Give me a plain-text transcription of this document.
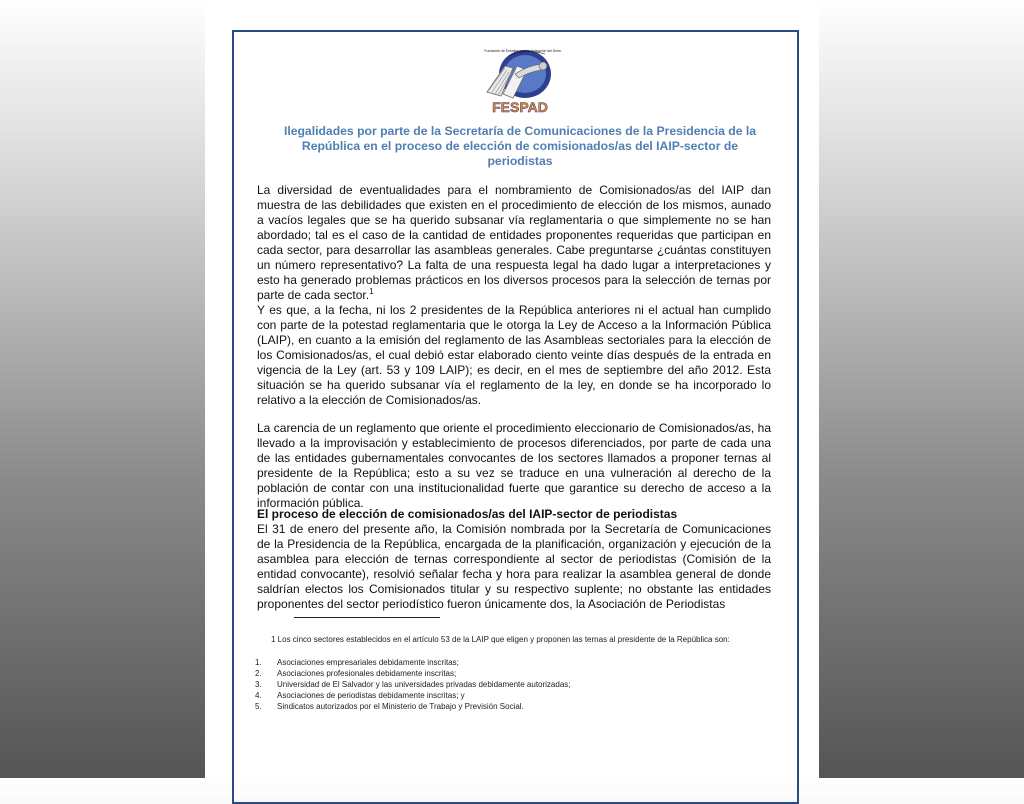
FESPAD
Fundación de Estudios para la Aplicación del Derecho

Ilegalidades por parte de la Secretaría de Comunicaciones de la Presidencia de la República en el proceso de elección de comisionados/as del IAIP-sector de periodistas

La diversidad de eventualidades para el nombramiento de Comisionados/as del IAIP dan muestra de las debilidades que existen en el procedimiento de elección de los mismos, aunado a vacíos legales que se ha querido subsanar vía reglamentaria o que simplemente no se han abordado; tal es el caso de la cantidad de entidades proponentes requeridas que participan en cada sector, para desarrollar las asambleas generales. Cabe preguntarse ¿cuántas constituyen un número representativo? La falta de una respuesta legal ha dado lugar a interpretaciones y esto ha generado problemas prácticos en los diversos procesos para la selección de ternas por parte de cada sector.$^1$

Y es que, a la fecha, ni los 2 presidentes de la República anteriores ni el actual han cumplido con parte de la potestad reglamentaria que le otorga la Ley de Acceso a la Información Pública (LAIP), en cuanto a la emisión del reglamento de las Asambleas sectoriales para la elección de los Comisionados/as, el cual debió estar elaborado ciento veinte días después de la entrada en vigencia de la Ley (art. 53 y 109 LAIP); es decir, en el mes de septiembre del año 2012. Esta situación se ha querido subsanar vía el reglamento de la ley, en donde se ha incorporado lo relativo a la elección de Comisionados/as.

La carencia de un reglamento que oriente el procedimiento eleccionario de Comisionados/as, ha llevado a la improvisación y establecimiento de procesos diferenciados, por parte de cada una de las entidades gubernamentales convocantes de los sectores llamados a proponer ternas al presidente de la República; esto a su vez se traduce en una vulneración al derecho de la población de contar con una institucionalidad fuerte que garantice su derecho de acceso a la información pública.

El proceso de elección de comisionados/as del IAIP-sector de periodistas

El 31 de enero del presente año, la Comisión nombrada por la Secretaría de Comunicaciones de la Presidencia de la República, encargada de la planificación, organización y ejecución de la asamblea para elección de ternas correspondiente al sector de periodistas (Comisión de la entidad convocante), resolvió señalar fecha y hora para realizar la asamblea general de donde saldrían electos los Comisionados titular y su respectivo suplente; no obstante las entidades proponentes del sector periodístico fueron únicamente dos, la Asociación de Periodistas

1 Los cinco sectores establecidos en el artículo 53 de la LAIP que eligen y proponen las ternas al presidente de la República son:

1. Asociaciones empresariales debidamente inscritas;
2. Asociaciones profesionales debidamente inscritas;
3. Universidad de El Salvador y las universidades privadas debidamente autorizadas;
4. Asociaciones de periodistas debidamente inscritas; y
5. Sindicatos autorizados por el Ministerio de Trabajo y Previsión Social.
